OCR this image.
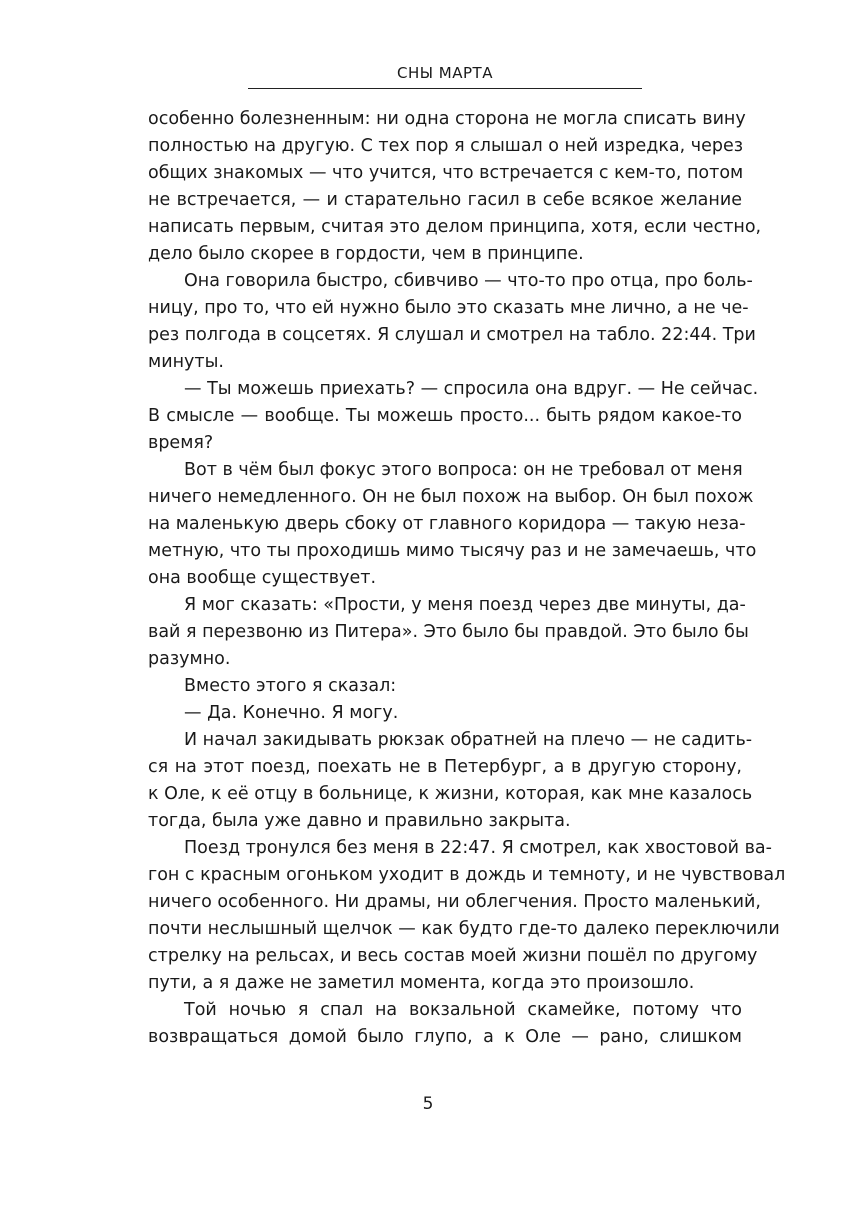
СНЫ МАРТА

особенно болезненным: ни одна сторона не могла списать вину
полностью на другую. С тех пор я слышал о ней изредка, через
общих знакомых — что учится, что встречается с кем-то, потом
не встречается, — и старательно гасил в себе всякое желание
написать первым, считая это делом принципа, хотя, если честно,
дело было скорее в гордости, чем в принципе.

Она говорила быстро, сбивчиво — что-то про отца, про боль-
ницу, про то, что ей нужно было это сказать мне лично, а не че-
рез полгода в соцсетях. Я слушал и смотрел на табло. 22:44. Три
минуты.

— Ты можешь приехать? — спросила она вдруг. — Не сейчас.
В смысле — вообще. Ты можешь просто... быть рядом какое-то
время?

Вот в чём был фокус этого вопроса: он не требовал от меня
ничего немедленного. Он не был похож на выбор. Он был похож
на маленькую дверь сбоку от главного коридора — такую неза-
метную, что ты проходишь мимо тысячу раз и не замечаешь, что
она вообще существует.

Я мог сказать: «Прости, у меня поезд через две минуты, да-
вай я перезвоню из Питера». Это было бы правдой. Это было бы
разумно.

Вместо этого я сказал:

— Да. Конечно. Я могу.

И начал закидывать рюкзак обратней на плечо — не садить-
ся на этот поезд, поехать не в Петербург, а в другую сторону,
к Оле, к её отцу в больнице, к жизни, которая, как мне казалось
тогда, была уже давно и правильно закрыта.

Поезд тронулся без меня в 22:47. Я смотрел, как хвостовой ва-
гон с красным огоньком уходит в дождь и темноту, и не чувствовал
ничего особенного. Ни драмы, ни облегчения. Просто маленький,
почти неслышный щелчок — как будто где-то далеко переключили
стрелку на рельсах, и весь состав моей жизни пошёл по другому
пути, а я даже не заметил момента, когда это произошло.

Той ночью я спал на вокзальной скамейке, потому что
возвращаться домой было глупо, а к Оле — рано, слишком

5
